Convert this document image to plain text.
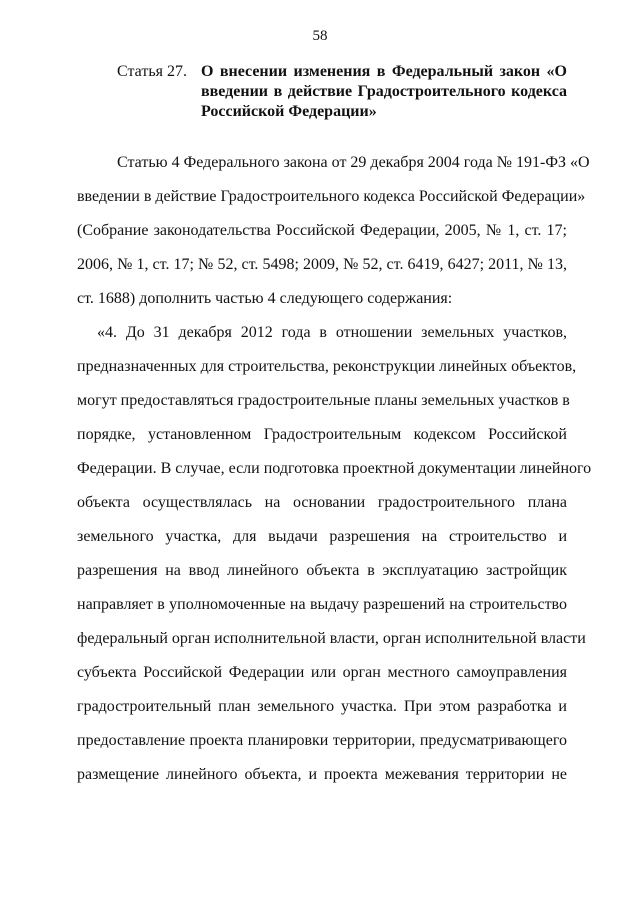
58
Статья 27. О внесении изменения в Федеральный закон «О введении в действие Градостроительного кодекса Российской Федерации»
Статью 4 Федерального закона от 29 декабря 2004 года № 191-ФЗ «О
введении в действие Градостроительного кодекса Российской Федерации»
(Собрание законодательства Российской Федерации, 2005, № 1, ст. 17;
2006, № 1, ст. 17; № 52, ст. 5498; 2009, № 52, ст. 6419, 6427; 2011, № 13,
ст. 1688) дополнить частью 4 следующего содержания:
«4. До 31 декабря 2012 года в отношении земельных участков,
предназначенных для строительства, реконструкции линейных объектов,
могут предоставляться градостроительные планы земельных участков в
порядке, установленном Градостроительным кодексом Российской
Федерации. В случае, если подготовка проектной документации линейного
объекта осуществлялась на основании градостроительного плана
земельного участка, для выдачи разрешения на строительство и
разрешения на ввод линейного объекта в эксплуатацию застройщик
направляет в уполномоченные на выдачу разрешений на строительство
федеральный орган исполнительной власти, орган исполнительной власти
субъекта Российской Федерации или орган местного самоуправления
градостроительный план земельного участка. При этом разработка и
предоставление проекта планировки территории, предусматривающего
размещение линейного объекта, и проекта межевания территории не
